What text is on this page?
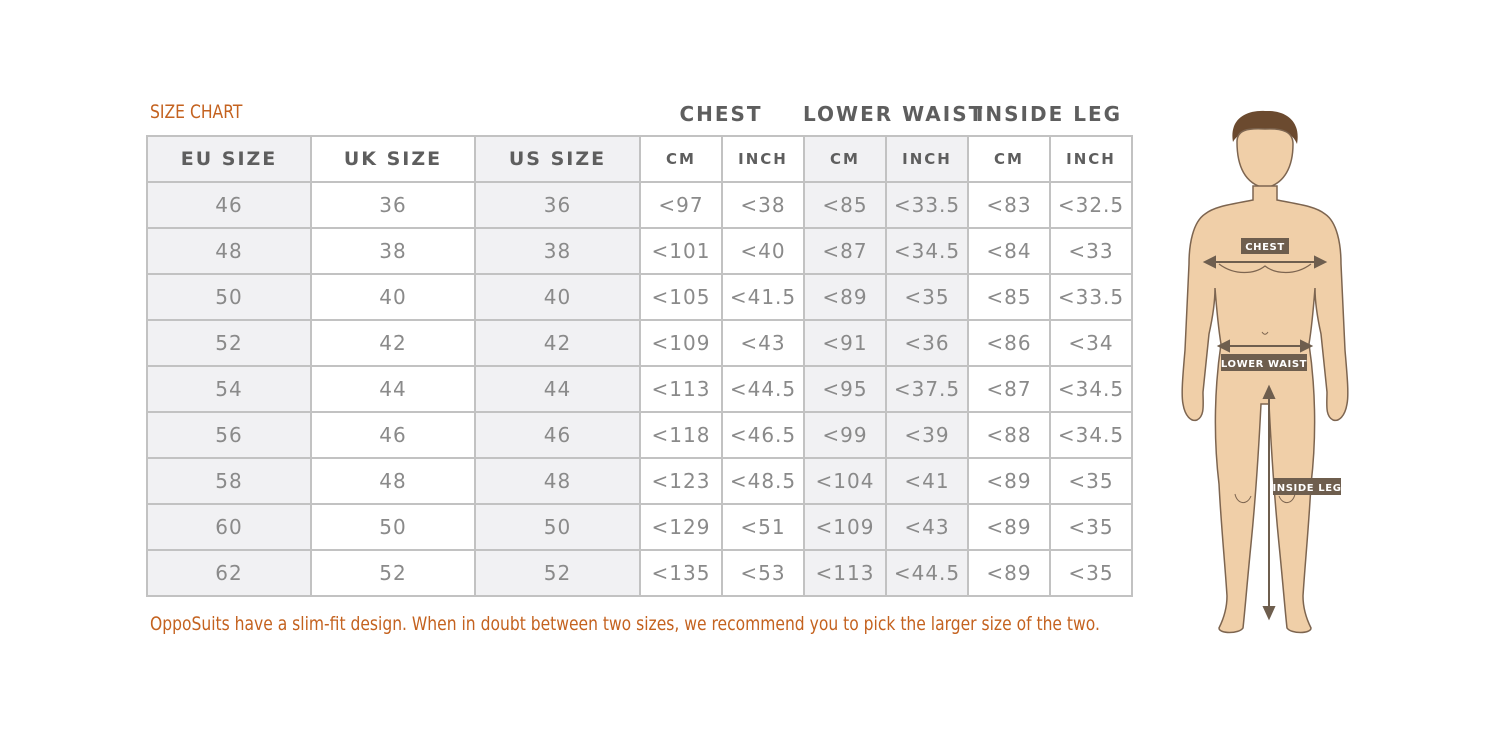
SIZE CHART	CHEST	LOWER WAIST
INSIDE LEG
EU SIZE	UK SIZE	US SIZE	CM	INCH	CM	INCH	CM	INCH
46	36	36	<97	<38	<85	<33.5	<83	<32.5
48	38	38	<101	<40	<87	<34.5	<84	<33
50	40	40	<105	<41.5	<89	<35	<85	<33.5
52	42	42	<109	<43	<91	<36	<86	<34
54	44	44	<113	<44.5	<95	<37.5	<87	<34.5
56	46	46	<118	<46.5	<99	<39	<88	<34.5
58	48	48	<123	<48.5	<104	<41	<89	<35
60	50	50	<129	<51	<109	<43	<89	<35
62	52	52	<135	<53	<113	<44.5	<89	<35
OppoSuits have a slim-fit design. When in doubt between two sizes, we recommend you to pick the larger size of the two.
CHEST
LOWER WAIST
INSIDE LEG
